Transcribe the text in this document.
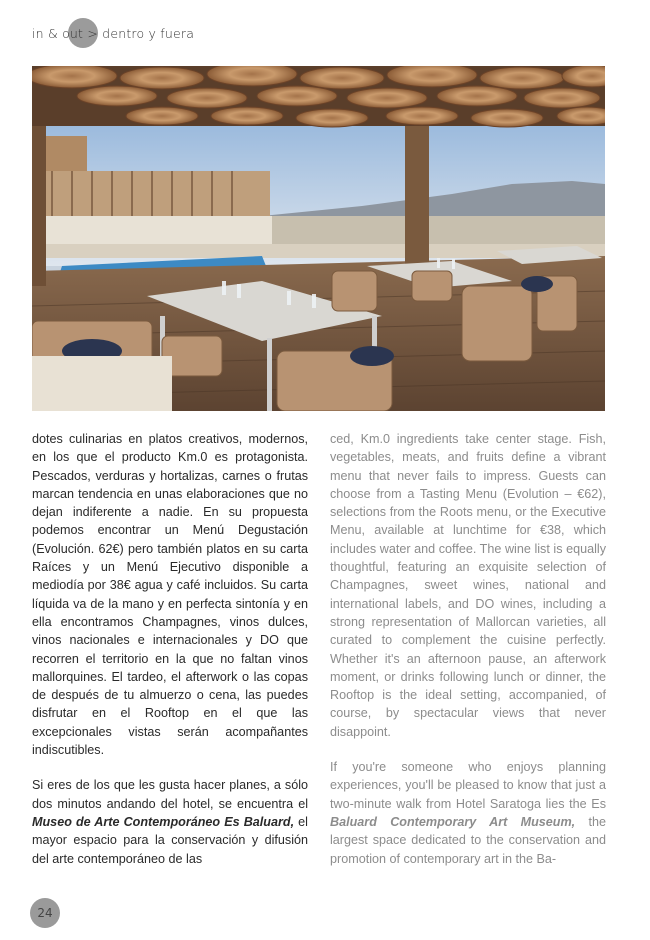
in & out > dentro y fuera

dotes culinarias en platos creativos, modernos, en los que el producto Km.0 es protagonista. Pescados, verduras y hortalizas, carnes o frutas marcan tendencia en unas elaboraciones que no dejan indiferente a nadie. En su propuesta podemos encontrar un Menú Degustación (Evolución. 62€) pero también platos en su carta Raíces y un Menú Ejecutivo disponible a mediodía por 38€ agua y café incluidos. Su carta líquida va de la mano y en perfecta sintonía y en ella encontramos Champagnes, vinos dulces, vinos nacionales e internacionales y DO que recorren el territorio en la que no faltan vinos mallorquines. El tardeo, el afterwork o las copas de después de tu almuerzo o cena, las puedes disfrutar en el Rooftop en el que las excepcionales vistas serán acompañantes indiscutibles.

Si eres de los que les gusta hacer planes, a sólo dos minutos andando del hotel, se encuentra el Museo de Arte Contemporáneo Es Baluard, el mayor espacio para la conservación y difusión del arte contemporáneo de las

ced, Km.0 ingredients take center stage. Fish, vegetables, meats, and fruits define a vibrant menu that never fails to impress. Guests can choose from a Tasting Menu (Evolution – €62), selections from the Roots menu, or the Executive Menu, available at lunchtime for €38, which includes water and coffee. The wine list is equally thoughtful, featuring an exquisite selection of Champagnes, sweet wines, national and international labels, and DO wines, including a strong representation of Mallorcan varieties, all curated to complement the cuisine perfectly. Whether it's an afternoon pause, an afterwork moment, or drinks following lunch or dinner, the Rooftop is the ideal setting, accompanied, of course, by spectacular views that never disappoint.

If you're someone who enjoys planning experiences, you'll be pleased to know that just a two-minute walk from Hotel Saratoga lies the Es Baluard Contemporary Art Museum, the largest space dedicated to the conservation and promotion of contemporary art in the Ba-

24
